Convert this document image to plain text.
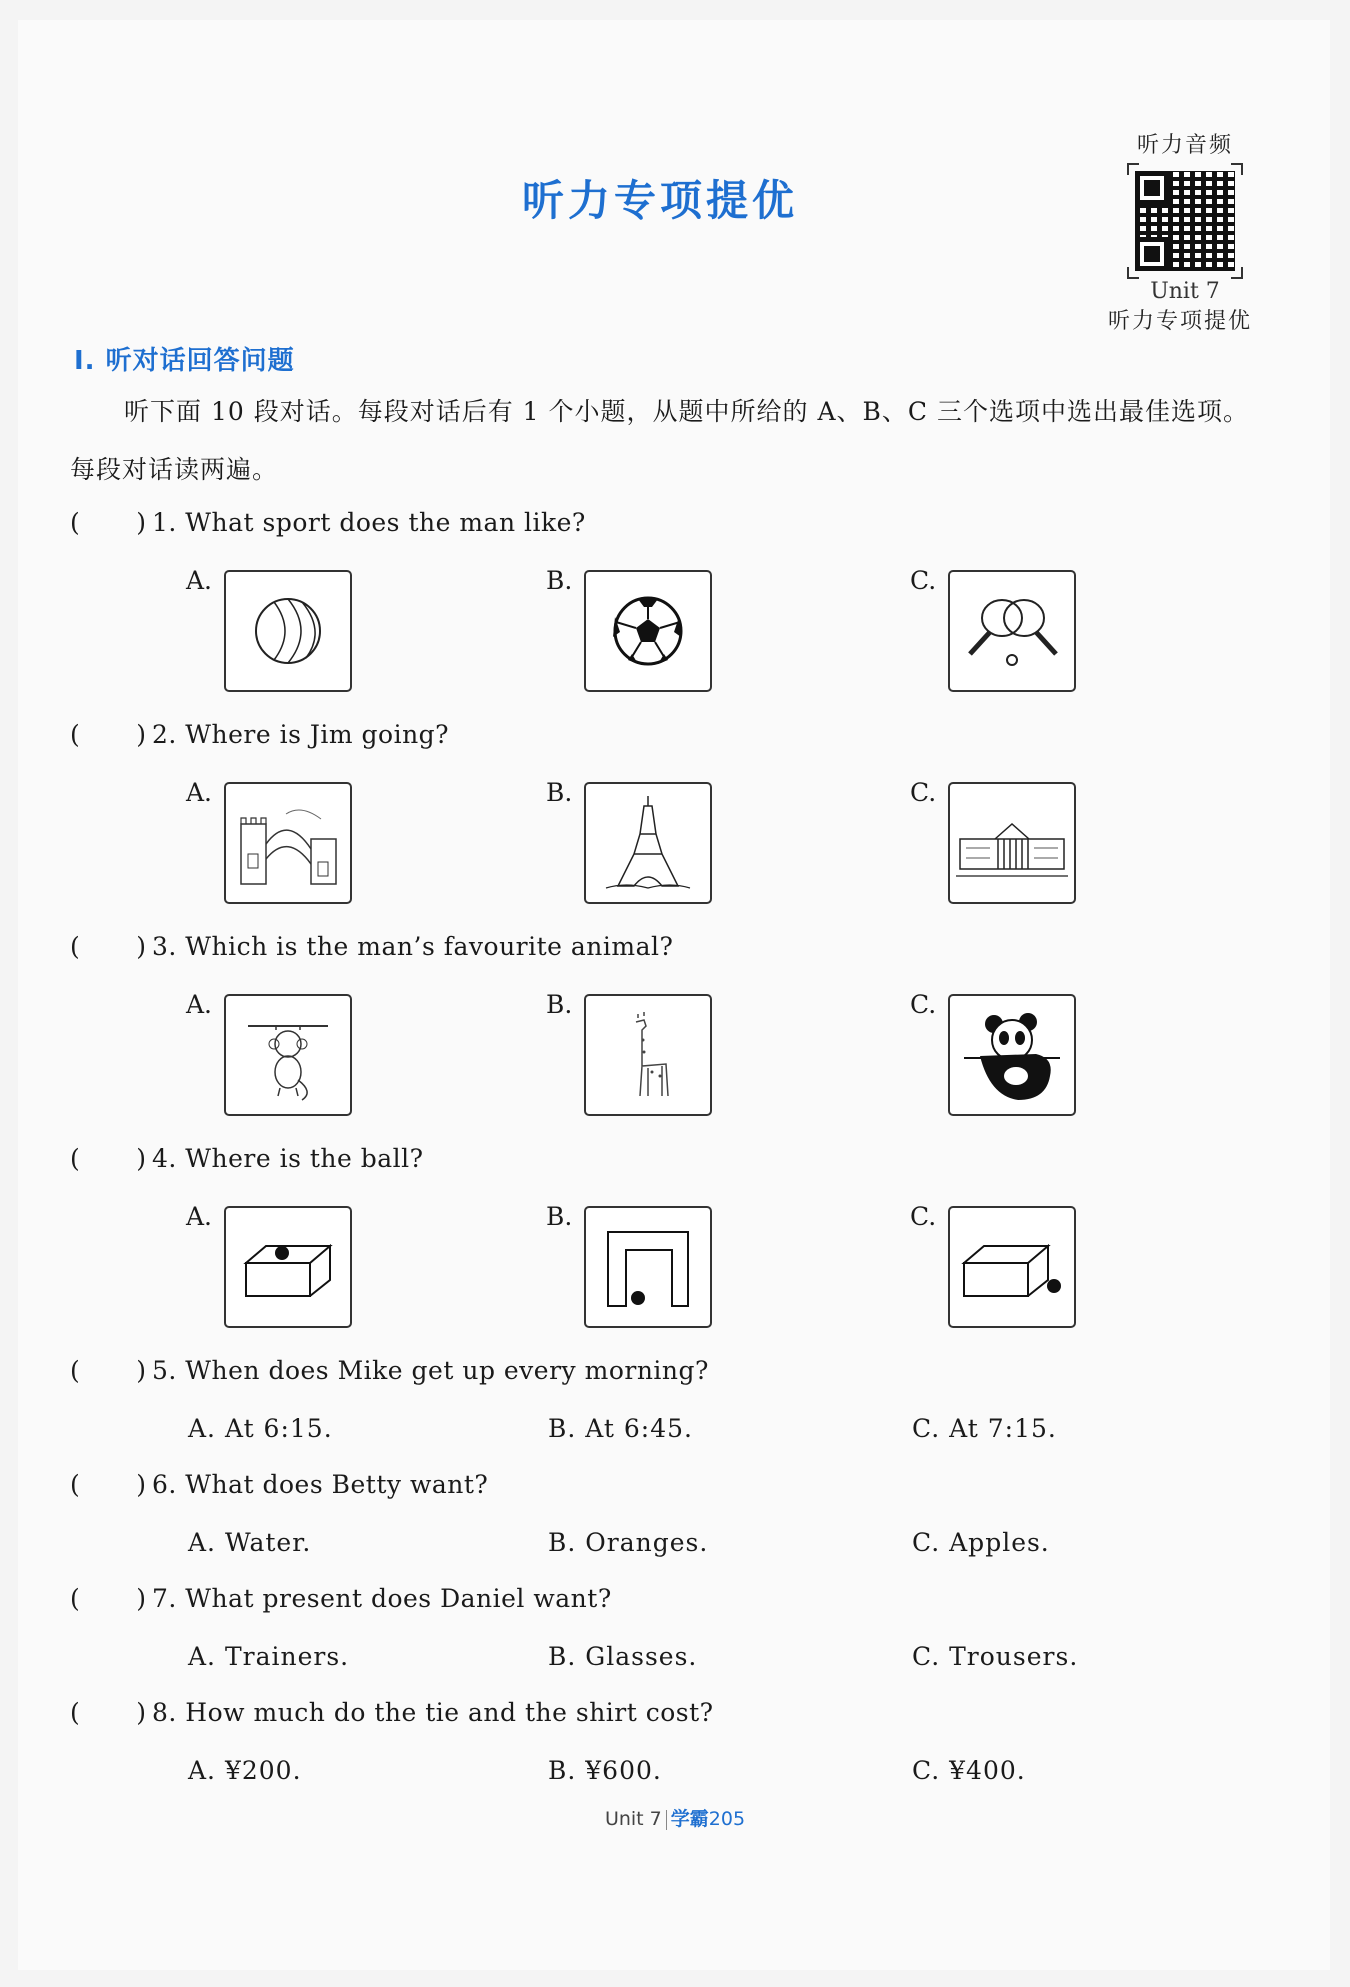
听力专项提优
听力音频
Unit 7
听力专项提优
Ⅰ. 听对话回答问题
听下面 10 段对话。每段对话后有 1 个小题，从题中所给的 A、B、C 三个选项中选出最佳选项。
每段对话读两遍。
( ) 1. What sport does the man like?
A.	B.	C.
( ) 2. Where is Jim going?
A.	B.	C.
( ) 3. Which is the man’s favourite animal?
A.	B.	C.
( ) 4. Where is the ball?
A.	B.	C.
( ) 5. When does Mike get up every morning?
A. At 6:15.	B. At 6:45.	C. At 7:15.
( ) 6. What does Betty want?
A. Water.	B. Oranges.	C. Apples.
( ) 7. What present does Daniel want?
A. Trainers.	B. Glasses.	C. Trousers.
( ) 8. How much do the tie and the shirt cost?
A. ¥200.	B. ¥600.	C. ¥400.
Unit 7 学霸205
